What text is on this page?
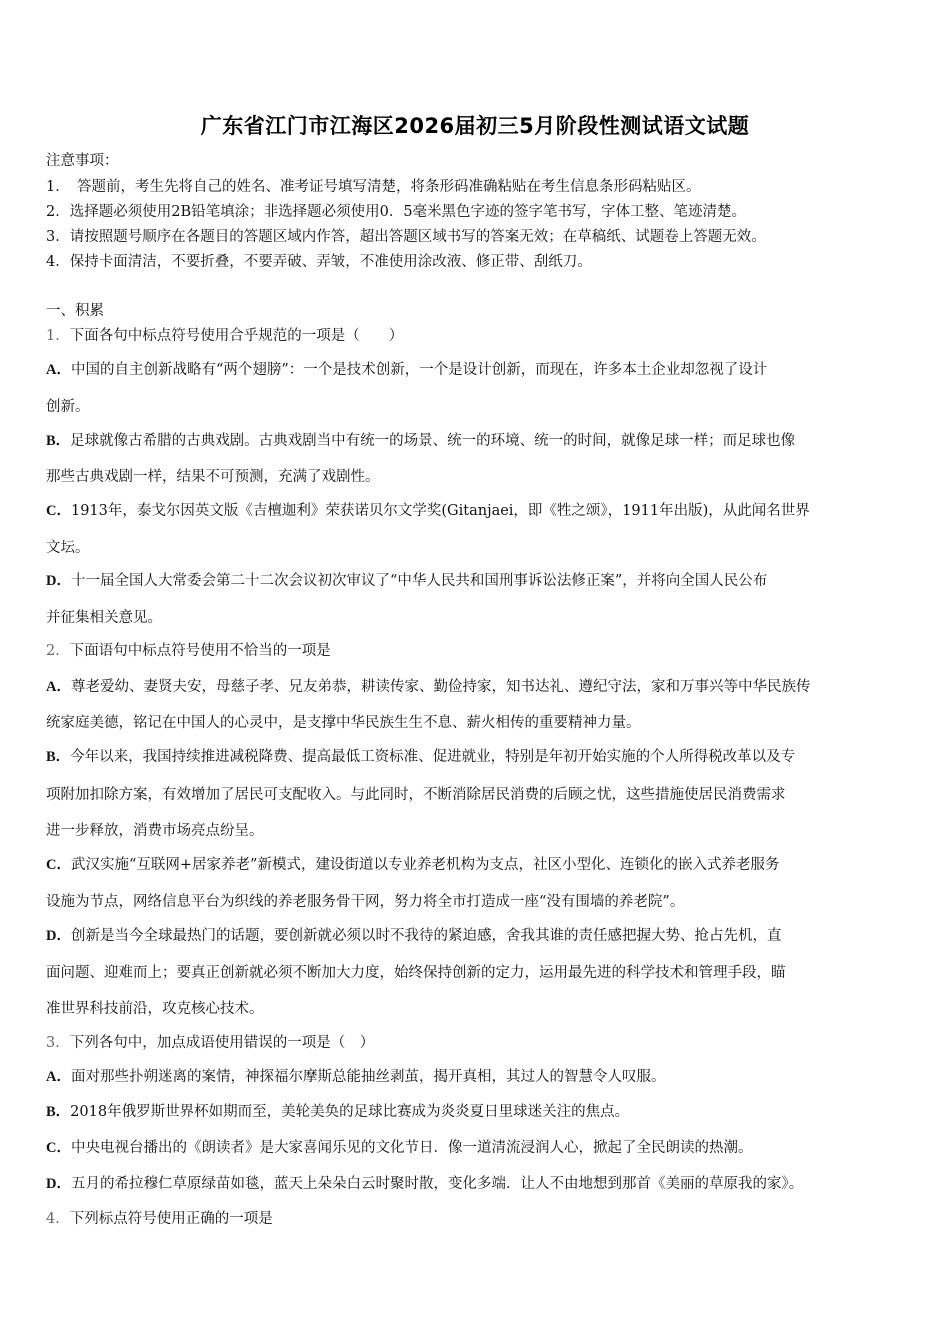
广东省江门市江海区2026届初三5月阶段性测试语文试题
注意事项：
1．　答题前，考生先将自己的姓名、准考证号填写清楚，将条形码准确粘贴在考生信息条形码粘贴区。
2．选择题必须使用2B铅笔填涂；非选择题必须使用0．5毫米黑色字迹的签字笔书写，字体工整、笔迹清楚。
3．请按照题号顺序在各题目的答题区域内作答，超出答题区域书写的答案无效；在草稿纸、试题卷上答题无效。
4．保持卡面清洁，不要折叠，不要弄破、弄皱，不准使用涂改液、修正带、刮纸刀。
一、积累
1．下面各句中标点符号使用合乎规范的一项是（　　）
A．中国的自主创新战略有“两个翅膀”：一个是技术创新，一个是设计创新，而现在，许多本土企业却忽视了设计
创新。
B．足球就像古希腊的古典戏剧。古典戏剧当中有统一的场景、统一的环境、统一的时间，就像足球一样；而足球也像
那些古典戏剧一样，结果不可预测，充满了戏剧性。
C．1913年，泰戈尔因英文版《吉檀迦利》荣获诺贝尔文学奖(Gitanjaei，即《牲之颂》，1911年出版)，从此闻名世界
文坛。
D．十一届全国人大常委会第二十二次会议初次审议了“中华人民共和国刑事诉讼法修正案”，并将向全国人民公布
并征集相关意见。
2．下面语句中标点符号使用不恰当的一项是
A．尊老爱幼、妻贤夫安，母慈子孝、兄友弟恭，耕读传家、勤俭持家，知书达礼、遵纪守法，家和万事兴等中华民族传
统家庭美德，铭记在中国人的心灵中，是支撑中华民族生生不息、薪火相传的重要精神力量。
B．今年以来，我国持续推进减税降费、提高最低工资标准、促进就业，特别是年初开始实施的个人所得税改革以及专
项附加扣除方案，有效增加了居民可支配收入。与此同时，不断消除居民消费的后顾之忧，这些措施使居民消费需求
进一步释放，消费市场亮点纷呈。
C．武汉实施“互联网+居家养老”新模式，建设街道以专业养老机构为支点，社区小型化、连锁化的嵌入式养老服务
设施为节点，网络信息平台为织线的养老服务骨干网，努力将全市打造成一座“没有围墙的养老院”。
D．创新是当今全球最热门的话题，要创新就必须以时不我待的紧迫感，舍我其谁的责任感把握大势、抢占先机，直
面问题、迎难而上；要真正创新就必须不断加大力度，始终保持创新的定力，运用最先进的科学技术和管理手段，瞄
准世界科技前沿，攻克核心技术。
3．下列各句中，加点成语使用错误的一项是（　）
A．面对那些扑朔迷离的案情，神探福尔摩斯总能抽丝剥茧，揭开真相，其过人的智慧令人叹服。
B．2018年俄罗斯世界杯如期而至，美轮美奂的足球比赛成为炎炎夏日里球迷关注的焦点。
C．中央电视台播出的《朗读者》是大家喜闻乐见的文化节日．像一道清流浸润人心，掀起了全民朗读的热潮。
D．五月的希拉穆仁草原绿苗如毯，蓝天上朵朵白云时聚时散，变化多端．让人不由地想到那首《美丽的草原我的家》。
4．下列标点符号使用正确的一项是
